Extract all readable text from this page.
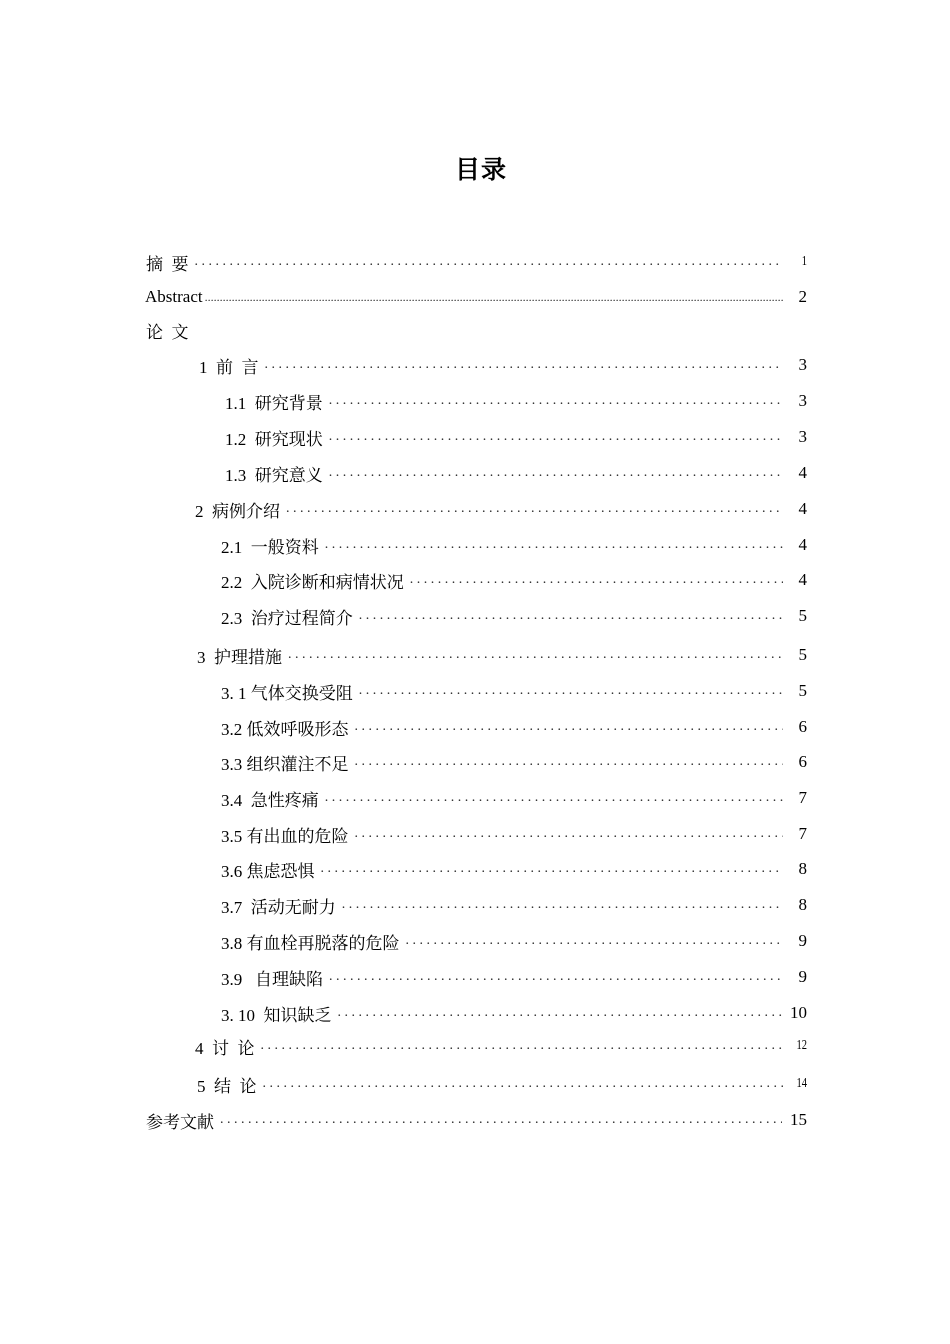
目录
摘  要 . . .	1
Abstract .....	2
论  文
1  前  言 . . .	3
1.1  研究背景 . . .	3
1.2  研究现状 . . .	3
1.3  研究意义 . . .	4
2  病例介绍 . . .	4
2.1  一般资料 . . .	4
2.2  入院诊断和病情状况 . . .	4
2.3  治疗过程简介 . . .	5
3  护理措施 . . .	5
3. 1 气体交换受阻 . . .	5
3.2 低效呼吸形态 . . .	6
3.3 组织灌注不足 . . .	6
3.4  急性疼痛 . . .	7
3.5 有出血的危险 . . .	7
3.6 焦虑恐惧 . . .	8
3.7  活动无耐力 . . .	8
3.8 有血栓再脱落的危险 . . .	9
3.9   自理缺陷 . . .	9
3. 10  知识缺乏 . . .	10
4  讨  论 . . .	12
5  结  论 . . .	14
参考文献 . . .	15
